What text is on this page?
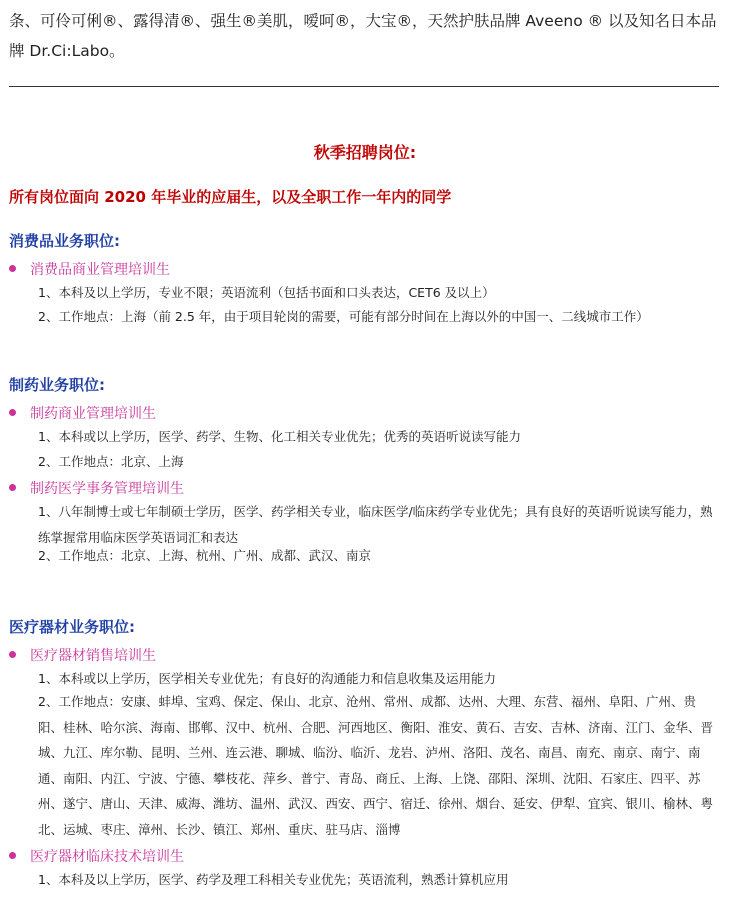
条、可伶可俐®、露得清®、强生®美肌，嗳呵®，大宝®，天然护肤品牌 Aveeno ® 以及知名日本品牌 Dr.Ci:Labo。

秋季招聘岗位:
所有岗位面向 2020 年毕业的应届生，以及全职工作一年内的同学
消费品业务职位:
消费品商业管理培训生

1、本科及以上学历，专业不限；英语流利（包括书面和口头表达，CET6 及以上）

2、工作地点：上海（前 2.5 年，由于项目轮岗的需要，可能有部分时间在上海以外的中国一、二线城市工作）

制药业务职位:
制药商业管理培训生

1、本科或以上学历，医学、药学、生物、化工相关专业优先；优秀的英语听说读写能力

2、工作地点：北京、上海

制药医学事务管理培训生

1、八年制博士或七年制硕士学历，医学、药学相关专业，临床医学/临床药学专业优先；具有良好的英语听说读写能力，熟练掌握常用临床医学英语词汇和表达

2、工作地点：北京、上海、杭州、广州、成都、武汉、南京

医疗器材业务职位:
医疗器材销售培训生

1、本科或以上学历，医学相关专业优先；有良好的沟通能力和信息收集及运用能力

2、工作地点：安康、蚌埠、宝鸡、保定、保山、北京、沧州、常州、成都、达州、大理、东营、福州、阜阳、广州、贵阳、桂林、哈尔滨、海南、邯郸、汉中、杭州、合肥、河西地区、衡阳、淮安、黄石、吉安、吉林、济南、江门、金华、晋城、九江、库尔勒、昆明、兰州、连云港、聊城、临汾、临沂、龙岩、泸州、洛阳、茂名、南昌、南充、南京、南宁、南通、南阳、内江、宁波、宁德、攀枝花、萍乡、普宁、青岛、商丘、上海、上饶、邵阳、深圳、沈阳、石家庄、四平、苏州、遂宁、唐山、天津、威海、潍坊、温州、武汉、西安、西宁、宿迁、徐州、烟台、延安、伊犁、宜宾、银川、榆林、粤北、运城、枣庄、漳州、长沙、镇江、郑州、重庆、驻马店、淄博

医疗器材临床技术培训生

1、本科及以上学历，医学、药学及理工科相关专业优先；英语流利，熟悉计算机应用
